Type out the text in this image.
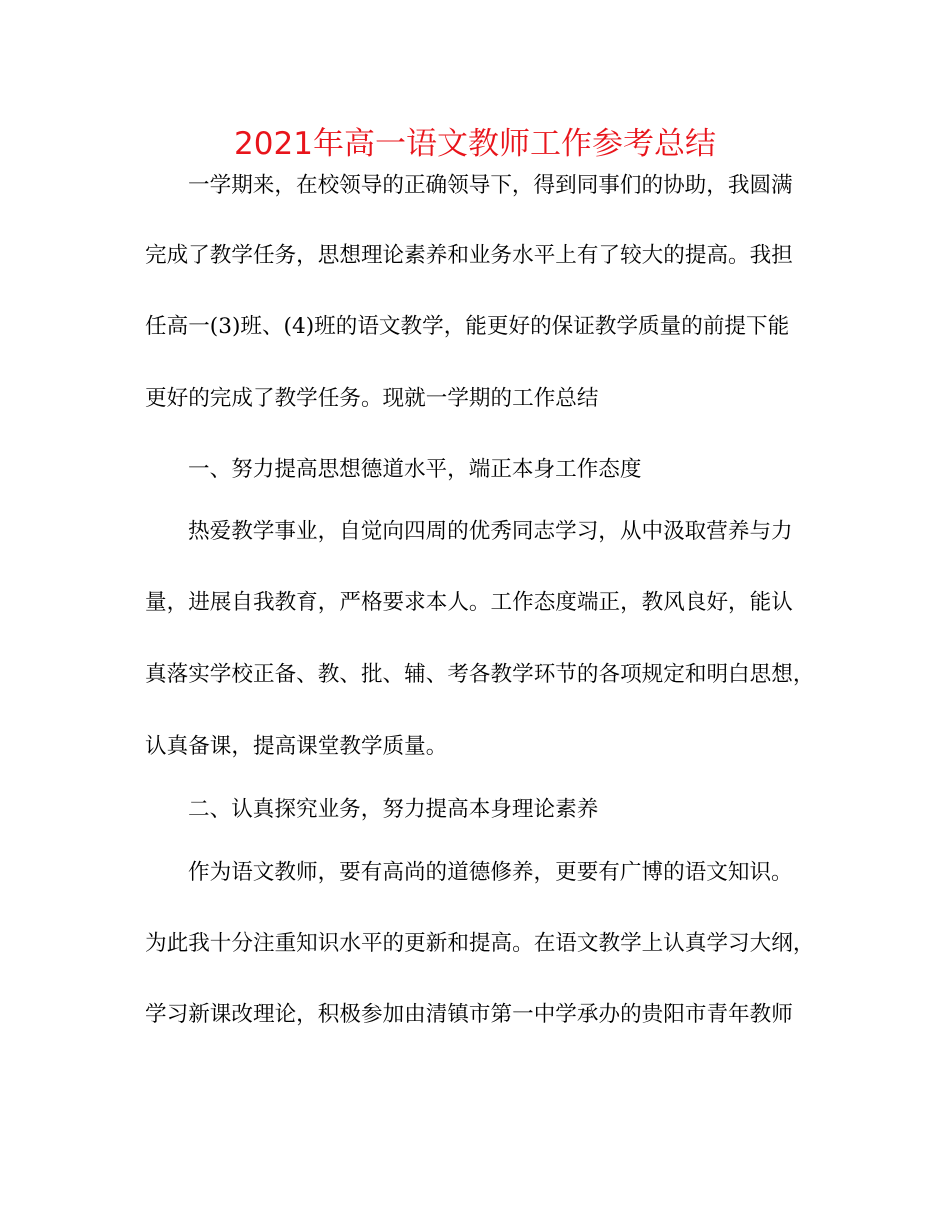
2021年高一语文教师工作参考总结
一学期来，在校领导的正确领导下，得到同事们的协助，我圆满
完成了教学任务，思想理论素养和业务水平上有了较大的提高。我担
任高一(3)班、(4)班的语文教学，能更好的保证教学质量的前提下能
更好的完成了教学任务。现就一学期的工作总结
一、努力提高思想德道水平，端正本身工作态度
热爱教学事业，自觉向四周的优秀同志学习，从中汲取营养与力
量，进展自我教育，严格要求本人。工作态度端正，教风良好，能认
真落实学校正备、教、批、辅、考各教学环节的各项规定和明白思想，
认真备课，提高课堂教学质量。
二、认真探究业务，努力提高本身理论素养
作为语文教师，要有高尚的道德修养，更要有广博的语文知识。
为此我十分注重知识水平的更新和提高。在语文教学上认真学习大纲，
学习新课改理论，积极参加由清镇市第一中学承办的贵阳市青年教师
